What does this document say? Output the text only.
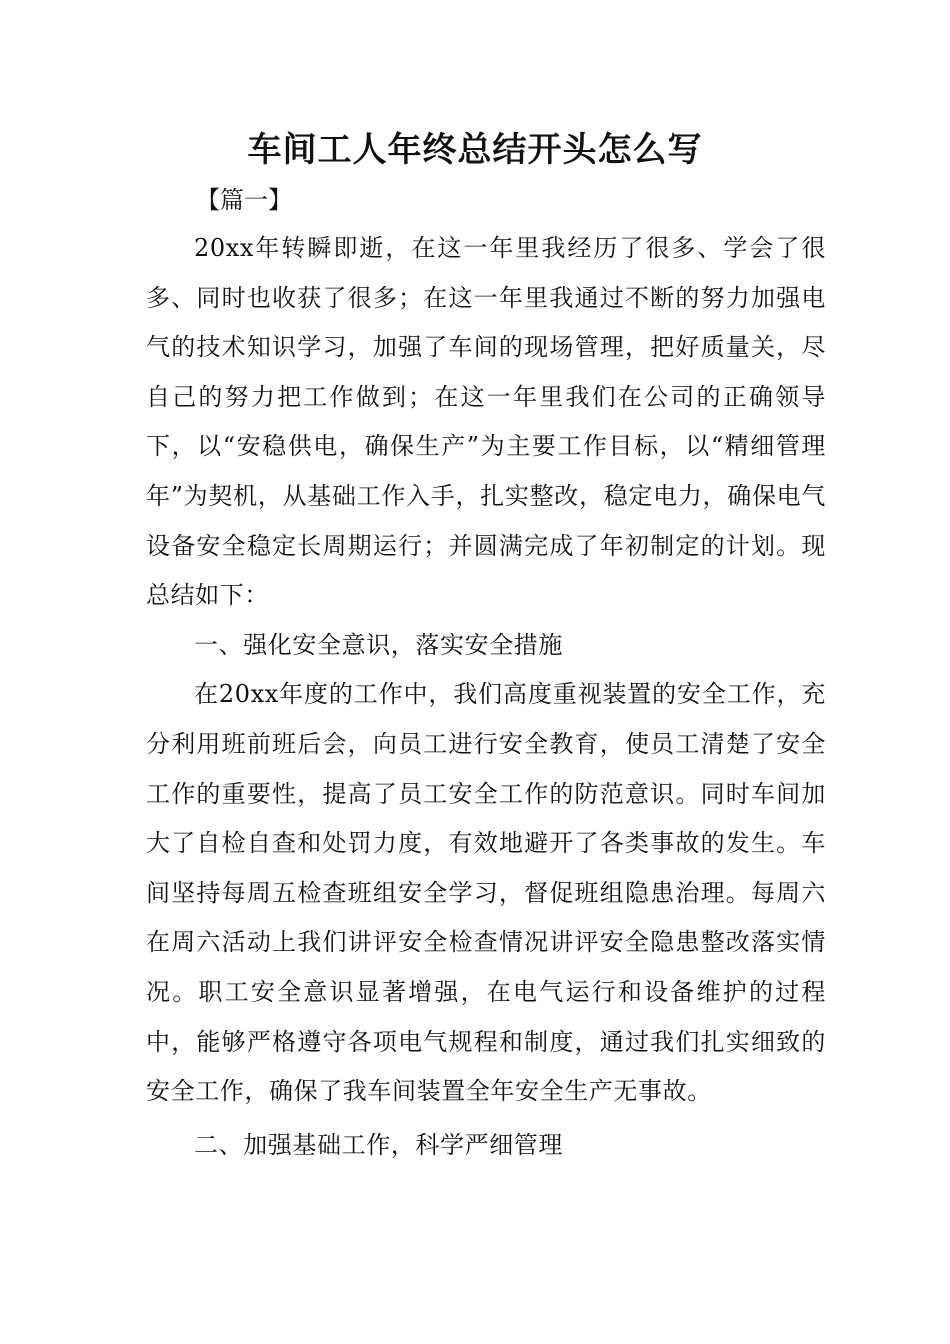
车间工人年终总结开头怎么写
【篇一】

20xx年转瞬即逝，在这一年里我经历了很多、学会了很多、同时也收获了很多；在这一年里我通过不断的努力加强电气的技术知识学习，加强了车间的现场管理，把好质量关，尽自己的努力把工作做到；在这一年里我们在公司的正确领导下，以“安稳供电，确保生产”为主要工作目标，以“精细管理年”为契机，从基础工作入手，扎实整改，稳定电力，确保电气设备安全稳定长周期运行；并圆满完成了年初制定的计划。现总结如下：

一、强化安全意识，落实安全措施

在20xx年度的工作中，我们高度重视装置的安全工作，充分利用班前班后会，向员工进行安全教育，使员工清楚了安全工作的重要性，提高了员工安全工作的防范意识。同时车间加大了自检自查和处罚力度，有效地避开了各类事故的发生。车间坚持每周五检查班组安全学习，督促班组隐患治理。每周六在周六活动上我们讲评安全检查情况讲评安全隐患整改落实情况。职工安全意识显著增强，在电气运行和设备维护的过程中，能够严格遵守各项电气规程和制度，通过我们扎实细致的安全工作，确保了我车间装置全年安全生产无事故。

二、加强基础工作，科学严细管理
